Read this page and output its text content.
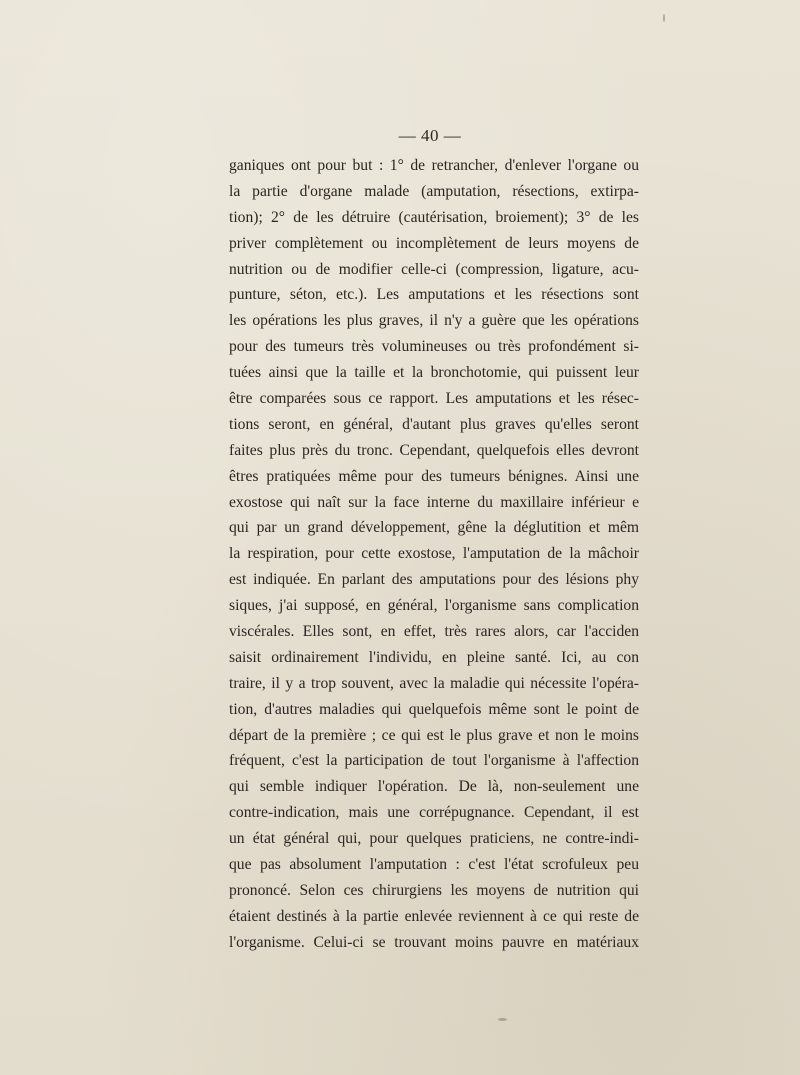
— 40 —
ganiques ont pour but : 1° de retrancher, d'enlever l'organe ou
la partie d'organe malade (amputation, résections, extirpa-
tion); 2° de les détruire (cautérisation, broiement); 3° de les
priver complètement ou incomplètement de leurs moyens de
nutrition ou de modifier celle-ci (compression, ligature, acu-
punture, séton, etc.). Les amputations et les résections sont
les opérations les plus graves, il n'y a guère que les opérations
pour des tumeurs très volumineuses ou très profondément si-
tuées ainsi que la taille et la bronchotomie, qui puissent leur
être comparées sous ce rapport. Les amputations et les résec-
tions seront, en général, d'autant plus graves qu'elles seront
faites plus près du tronc. Cependant, quelquefois elles devront
êtres pratiquées même pour des tumeurs bénignes. Ainsi une
exostose qui naît sur la face interne du maxillaire inférieur e
qui par un grand développement, gêne la déglutition et mêm
la respiration, pour cette exostose, l'amputation de la mâchoir
est indiquée. En parlant des amputations pour des lésions phy
siques, j'ai supposé, en général, l'organisme sans complication
viscérales. Elles sont, en effet, très rares alors, car l'acciden
saisit ordinairement l'individu, en pleine santé. Ici, au con
traire, il y a trop souvent, avec la maladie qui nécessite l'opéra-
tion, d'autres maladies qui quelquefois même sont le point de
départ de la première ; ce qui est le plus grave et non le moins
fréquent, c'est la participation de tout l'organisme à l'affection
qui semble indiquer l'opération. De là, non-seulement une
contre-indication, mais une corrépugnance. Cependant, il est
un état général qui, pour quelques praticiens, ne contre-indi-
que pas absolument l'amputation : c'est l'état scrofuleux peu
prononcé. Selon ces chirurgiens les moyens de nutrition qui
étaient destinés à la partie enlevée reviennent à ce qui reste de
l'organisme. Celui-ci se trouvant moins pauvre en matériaux
